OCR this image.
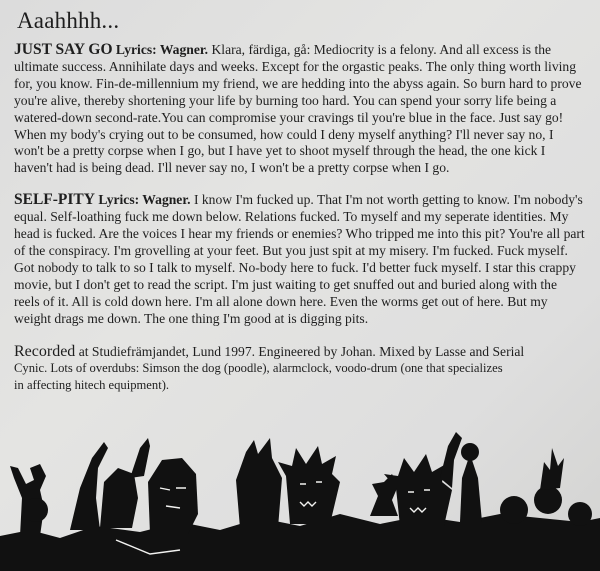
Aaahhhh...

JUST SAY GO Lyrics: Wagner. Klara, färdiga, gå: Mediocrity is a felony. And all excess is the ultimate success. Annihilate days and weeks. Except for the orgastic peaks. The only thing worth living for, you know. Fin-de-millennium my friend, we are hedding into the abyss again. So burn hard to prove you're alive, thereby shortening your life by burning too hard. You can spend your sorry life being a watered-down second-rate.You can compromise your cravings til you're blue in the face. Just say go! When my body's crying out to be consumed, how could I deny myself anything? I'll never say no, I won't be a pretty corpse when I go, but I have yet to shoot myself through the head, the one kick I haven't had is being dead. I'll never say no, I won't be a pretty corpse when I go.

SELF-PITY Lyrics: Wagner. I know I'm fucked up. That I'm not worth getting to know. I'm nobody's equal. Self-loathing fuck me down below. Relations fucked. To myself and my seperate identities. My head is fucked. Are the voices I hear my friends or enemies? Who tripped me into this pit? You're all part of the conspiracy. I'm grovelling at your feet. But you just spit at my misery. I'm fucked. Fuck myself. Got nobody to talk to so I talk to myself. No-body here to fuck. I'd better fuck myself. I star this crappy movie, but I don't get to read the script. I'm just waiting to get snuffed out and buried along with the reels of it. All is cold down here. I'm all alone down here. Even the worms get out of here. But my weight drags me down. The one thing I'm good at is digging pits.

Recorded at Studiefrämjandet, Lund 1997. Engineered by Johan. Mixed by Lasse and Serial
Cynic. Lots of overdubs: Simson the dog (poodle), alarmclock, voodo-drum (one that specializes
in affecting hitech equipment).
